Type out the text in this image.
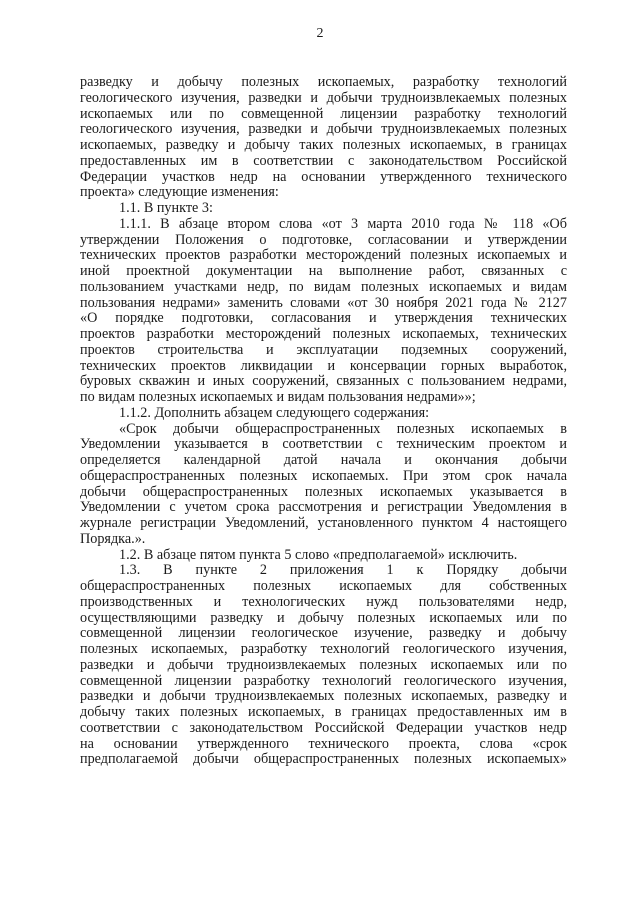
2
разведку и добычу полезных ископаемых, разработку технологий
геологического изучения, разведки и добычи трудноизвлекаемых полезных
ископаемых или по совмещенной лицензии разработку технологий
геологического изучения, разведки и добычи трудноизвлекаемых полезных
ископаемых, разведку и добычу таких полезных ископаемых, в границах
предоставленных им в соответствии с законодательством Российской
Федерации участков недр на основании утвержденного технического
проекта» следующие изменения:
1.1. В пункте 3:
1.1.1. В абзаце втором слова «от 3 марта 2010 года № 118 «Об
утверждении Положения о подготовке, согласовании и утверждении
технических проектов разработки месторождений полезных ископаемых и
иной проектной документации на выполнение работ, связанных с
пользованием участками недр, по видам полезных ископаемых и видам
пользования недрами» заменить словами «от 30 ноября 2021 года № 2127
«О порядке подготовки, согласования и утверждения технических
проектов разработки месторождений полезных ископаемых, технических
проектов строительства и эксплуатации подземных сооружений,
технических проектов ликвидации и консервации горных выработок,
буровых скважин и иных сооружений, связанных с пользованием недрами,
по видам полезных ископаемых и видам пользования недрами»»;
1.1.2. Дополнить абзацем следующего содержания:
«Срок добычи общераспространенных полезных ископаемых в
Уведомлении указывается в соответствии с техническим проектом и
определяется календарной датой начала и окончания добычи
общераспространенных полезных ископаемых. При этом срок начала
добычи общераспространенных полезных ископаемых указывается в
Уведомлении с учетом срока рассмотрения и регистрации Уведомления в
журнале регистрации Уведомлений, установленного пунктом 4 настоящего
Порядка.».
1.2. В абзаце пятом пункта 5 слово «предполагаемой» исключить.
1.3. В пункте 2 приложения 1 к Порядку добычи
общераспространенных полезных ископаемых для собственных
производственных и технологических нужд пользователями недр,
осуществляющими разведку и добычу полезных ископаемых или по
совмещенной лицензии геологическое изучение, разведку и добычу
полезных ископаемых, разработку технологий геологического изучения,
разведки и добычи трудноизвлекаемых полезных ископаемых или по
совмещенной лицензии разработку технологий геологического изучения,
разведки и добычи трудноизвлекаемых полезных ископаемых, разведку и
добычу таких полезных ископаемых, в границах предоставленных им в
соответствии с законодательством Российской Федерации участков недр
на основании утвержденного технического проекта, слова «срок
предполагаемой добычи общераспространенных полезных ископаемых»
